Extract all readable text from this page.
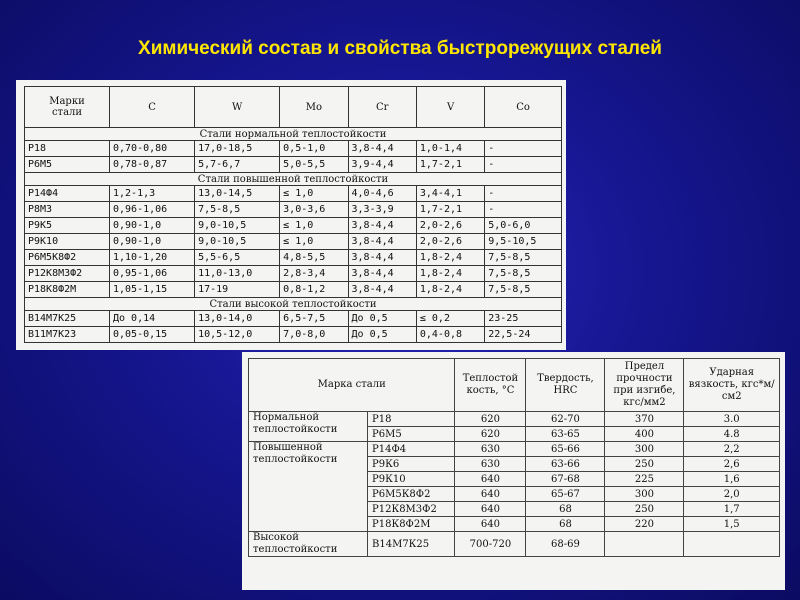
Химический состав и свойства быстрорежущих сталей
Марки
стали	C	W	Mo	Cr	V	Co
Стали нормальной теплостойкости						
Р18	0,70-0,80	17,0-18,5	0,5-1,0	3,8-4,4	1,0-1,4	-
Р6М5	0,78-0,87	5,7-6,7	5,0-5,5	3,9-4,4	1,7-2,1	-
Стали повышенной теплостойкости						
Р14Ф4	1,2-1,3	13,0-14,5	≤ 1,0	4,0-4,6	3,4-4,1	-
Р8М3	0,96-1,06	7,5-8,5	3,0-3,6	3,3-3,9	1,7-2,1	-
Р9К5	0,90-1,0	9,0-10,5	≤ 1,0	3,8-4,4	2,0-2,6	5,0-6,0
Р9К10	0,90-1,0	9,0-10,5	≤ 1,0	3,8-4,4	2,0-2,6	9,5-10,5
Р6М5К8Ф2	1,10-1,20	5,5-6,5	4,8-5,5	3,8-4,4	1,8-2,4	7,5-8,5
Р12К8М3Ф2	0,95-1,06	11,0-13,0	2,8-3,4	3,8-4,4	1,8-2,4	7,5-8,5
Р18К8Ф2М	1,05-1,15	17-19	0,8-1,2	3,8-4,4	1,8-2,4	7,5-8,5
Стали высокой теплостойкости						
В14М7К25	До 0,14	13,0-14,0	6,5-7,5	До 0,5	≤ 0,2	23-25
В11М7К23	0,05-0,15	10,5-12,0	7,0-8,0	До 0,5	0,4-0,8	22,5-24
Марка стали		Теплостой кость, °С	Твердость, HRC	Предел прочности при изгибе, кгс/мм2	Ударная вязкость, кгс*м/см2
Нормальной теплостойкости	Р18	620	62-70	370	3.0
	Р6М5	620	63-65	400	4.8
Повышенной теплостойкости	Р14Ф4	630	65-66	300	2,2
	Р9К6	630	63-66	250	2,6
	Р9К10	640	67-68	225	1,6
	Р6М5К8Ф2	640	65-67	300	2,0
	Р12К8М3Ф2	640	68	250	1,7
	Р18К8Ф2М	640	68	220	1,5
Высокой теплостойкости	В14М7К25	700-720	68-69		
